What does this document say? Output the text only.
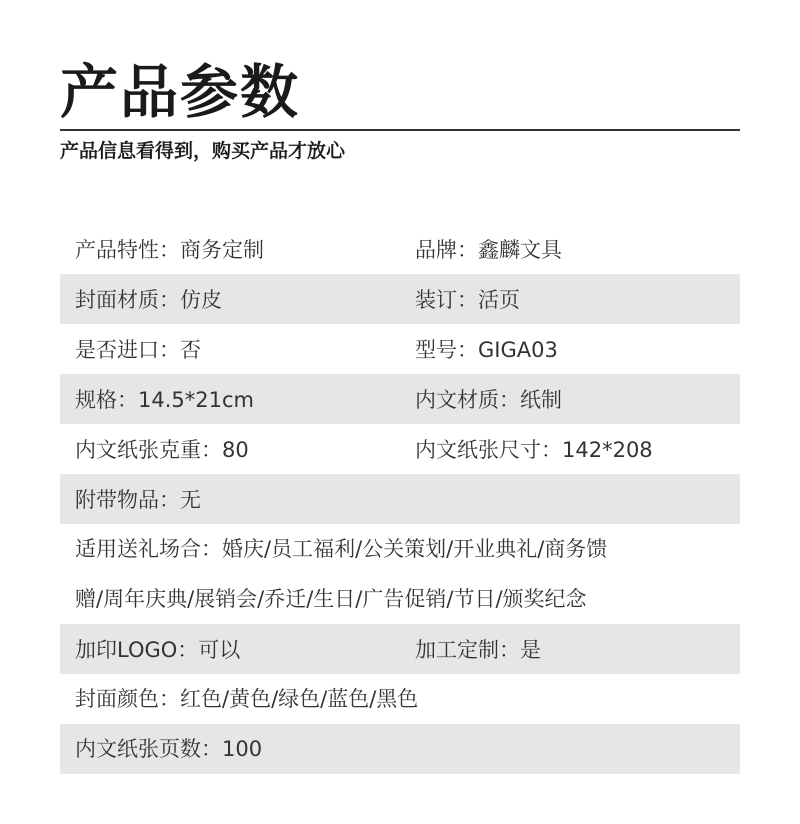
产品参数

产品信息看得到，购买产品才放心

产品特性：商务定制	品牌：鑫麟文具
封面材质：仿皮	装订：活页
是否进口：否	型号：GIGA03
规格：14.5*21cm	内文材质：纸制
内文纸张克重：80	内文纸张尺寸：142*208
附带物品：无
适用送礼场合：婚庆/员工福利/公关策划/开业典礼/商务馈
赠/周年庆典/展销会/乔迁/生日/广告促销/节日/颁奖纪念
加印LOGO：可以	加工定制：是
封面颜色：红色/黄色/绿色/蓝色/黑色
内文纸张页数：100
